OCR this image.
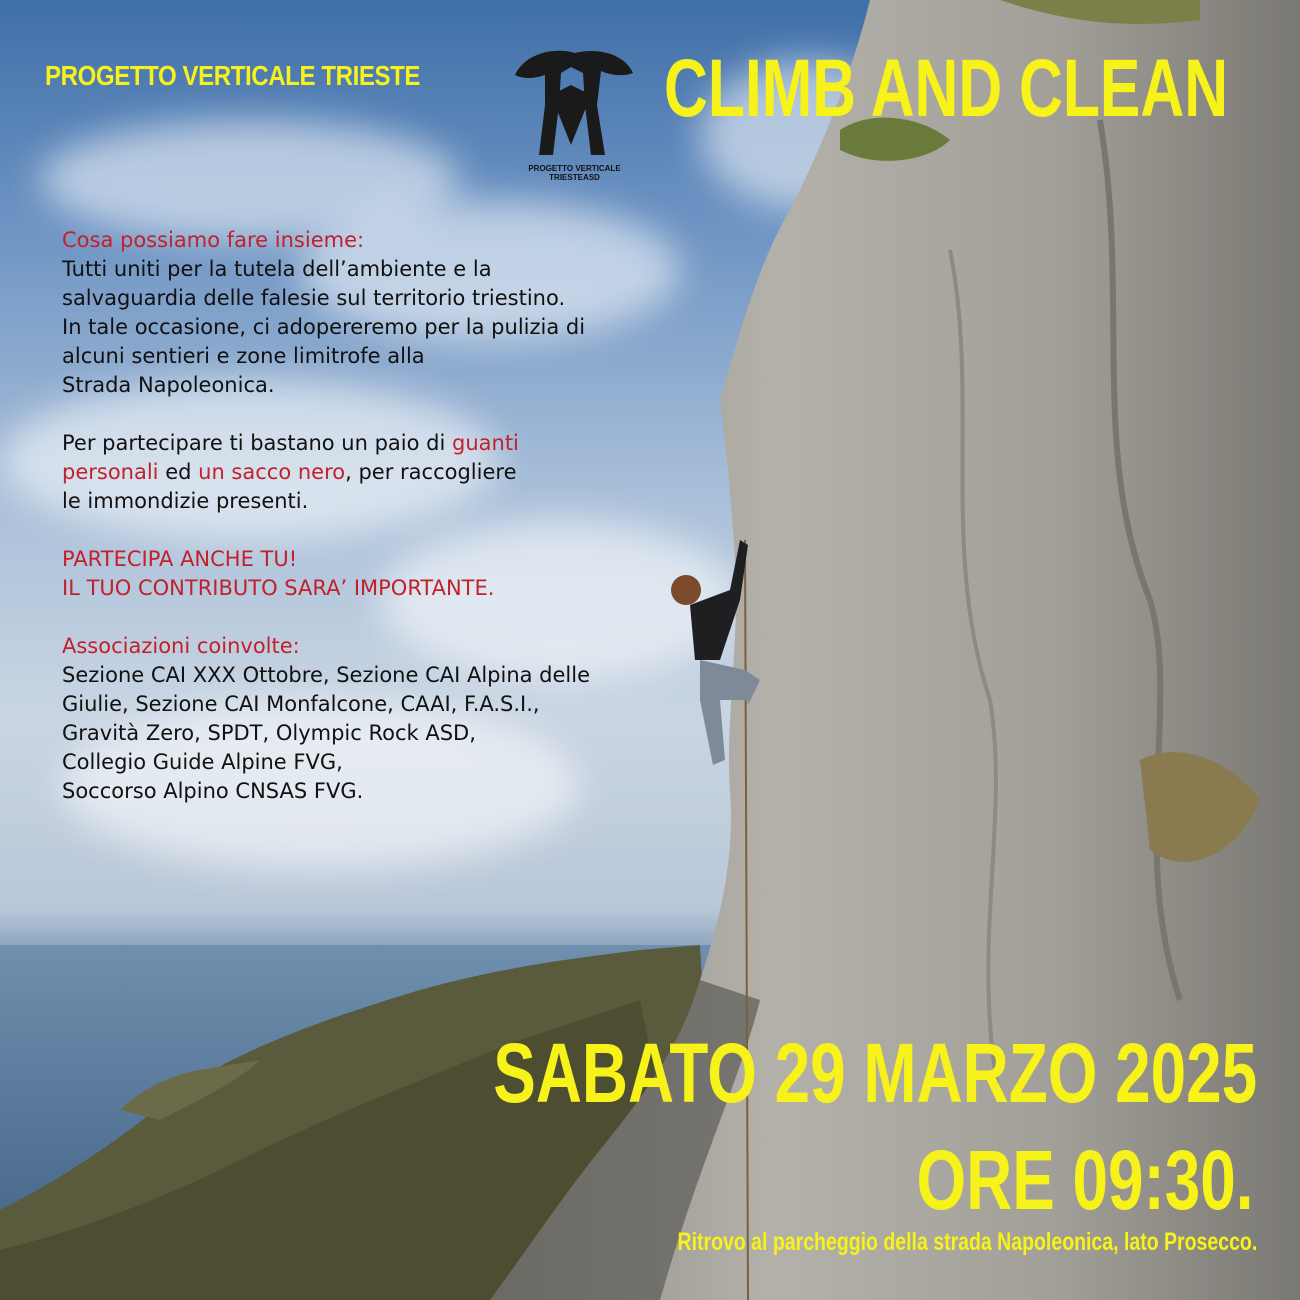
PROGETTO VERTICALE TRIESTE
PROGETTO VERTICALE TRIESTEASD
CLIMB AND CLEAN

Cosa possiamo fare insieme:

Tutti uniti per la tutela dell’ambiente e la

salvaguardia delle falesie sul territorio triestino.

In tale occasione, ci adopereremo per la pulizia di

alcuni sentieri e zone limitrofe alla

Strada Napoleonica.

Per partecipare ti bastano un paio di guanti

personali ed un sacco nero, per raccogliere

le immondizie presenti.

PARTECIPA ANCHE TU!

IL TUO CONTRIBUTO SARA’ IMPORTANTE.

Associazioni coinvolte:

Sezione CAI XXX Ottobre, Sezione CAI Alpina delle

Giulie, Sezione CAI Monfalcone, CAAI, F.A.S.I.,

Gravità Zero, SPDT, Olympic Rock ASD,

Collegio Guide Alpine FVG,

Soccorso Alpino CNSAS FVG.

SABATO 29 MARZO 2025
ORE 09:30.
Ritrovo al parcheggio della strada Napoleonica, lato Prosecco.
